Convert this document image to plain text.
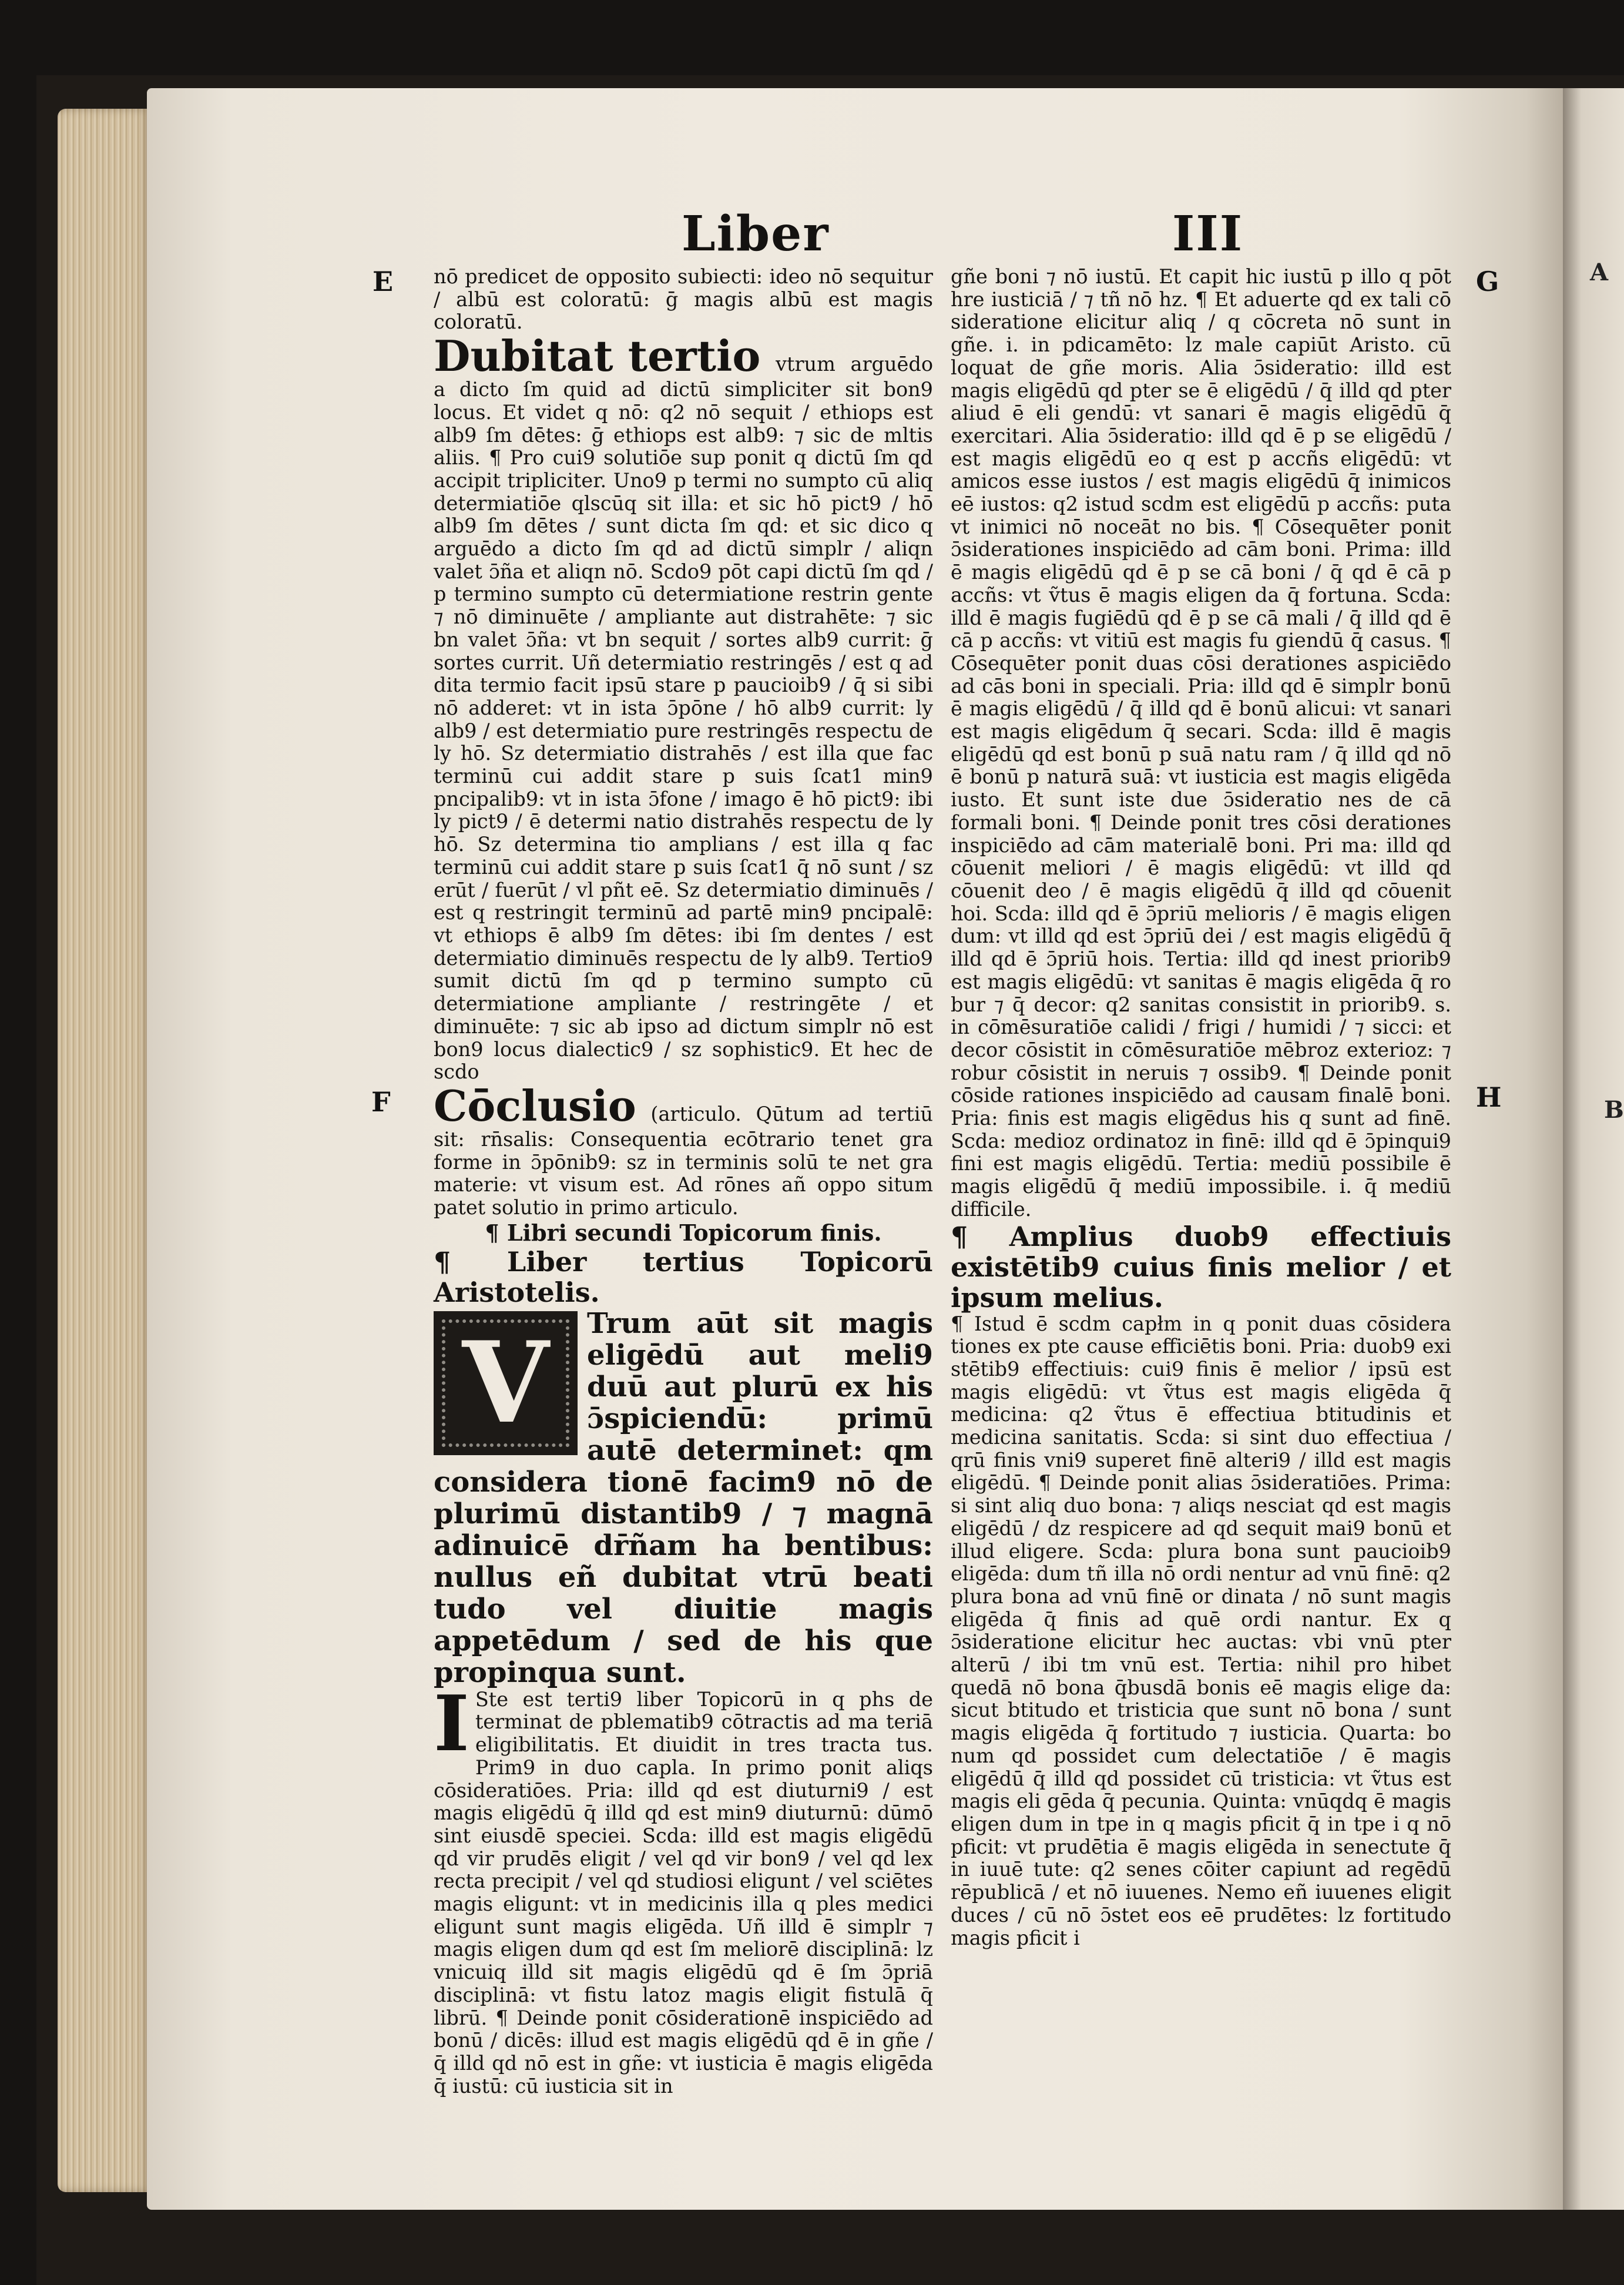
A
B
Liber	III
E
F
G
H

nō predicet de opposito subiecti: ideo nō sequitur / albū est coloratū: ḡ magis albū est magis coloratū.

Dubitat tertio vtrum arguēdo a dicto ſm quid ad dictū simpliciter sit bon9 locus. Et videt q nō: q2 nō sequit / ethiops est alb9 ſm dētes: ḡ ethiops est alb9: ⁊ sic de mltis aliis. ¶ Pro cui9 solutiōe sup ponit q dictū ſm qd accipit tripliciter. Uno9 p termi no sumpto cū aliq determiatiōe qlscūq sit illa: et sic hō pict9 / hō alb9 ſm dētes / sunt dicta ſm qd: et sic dico q arguēdo a dicto ſm qd ad dictū simplr / aliqn valet ɔ̄ña et aliqn nō. Scdo9 pōt capi dictū ſm qd / p termino sumpto cū determiatione restrin gente ⁊ nō diminuēte / ampliante aut distrahēte: ⁊ sic bn valet ɔ̄ña: vt bn sequit / sortes alb9 currit: ḡ sortes currit. Uñ determiatio restringēs / est q ad dita termio facit ipsū stare p paucioib9 / q̄ si sibi nō adderet: vt in ista ɔ̄pōne / hō alb9 currit: ly alb9 / est determiatio pure restringēs respectu de ly hō. Sz determiatio distrahēs / est illa que fac terminū cui addit stare p suis ſcat1 min9 pncipalib9: vt in ista ɔ̄fone / imago ē hō pict9: ibi ly pict9 / ē determi natio distrahēs respectu de ly hō. Sz determina tio amplians / est illa q fac terminū cui addit stare p suis ſcat1 q̄ nō sunt / sz erūt / fuerūt / vl pñt eē. Sz determiatio diminuēs / est q restringit terminū ad partē min9 pncipalē: vt ethiops ē alb9 ſm dētes: ibi ſm dentes / est determiatio diminuēs respectu de ly alb9. Tertio9 sumit dictū ſm qd p termino sumpto cū determiatione ampliante / restringēte / et diminuēte: ⁊ sic ab ipso ad dictum simplr nō est bon9 locus dialectic9 / sz sophistic9. Et hec de scdo

Cōclusio (articulo. Qūtum ad tertiū sit: rn̄salis: Consequentia ecōtrario tenet gra forme in ɔ̄pōnib9: sz in terminis solū te net gra materie: vt visum est. Ad rōnes añ oppo situm patet solutio in primo articulo.

¶ Libri secundi Topicorum finis.

¶ Liber tertius Topicorū Aristotelis.

V	Trum aūt sit magis eligēdū aut meli9 duū aut plurū ex his ɔ̄spiciendū: primū autē determinet: qm considera tionē facim9 nō de plurimū distantib9 / ⁊ magnā adinuicē dr̄ñam ha bentibus: nullus eñ dubitat vtrū beati tudo vel diuitie magis appetēdum / sed de his que propinqua sunt.

I Ste est terti9 liber Topicorū in q phs de terminat de pblematib9 cōtractis ad ma teriā eligibilitatis. Et diuidit in tres tracta tus. Prim9 in duo capla. In primo ponit aliqs cōsideratiōes. Pria: illd qd est diuturni9 / est magis eligēdū q̄ illd qd est min9 diuturnū: dūmō sint eiusdē speciei. Scda: illd est magis eligēdū qd vir prudēs eligit / vel qd vir bon9 / vel qd lex recta precipit / vel qd studiosi eligunt / vel sciētes magis eligunt: vt in medicinis illa q ples medici eligunt sunt magis eligēda. Uñ illd ē simplr ⁊ magis eligen dum qd est ſm meliorē disciplinā: lz vnicuiq illd sit magis eligēdū qd ē ſm ɔ̄priā disciplinā: vt fistu latoz magis eligit fistulā q̄ librū. ¶ Deinde ponit cōsiderationē inspiciēdo ad bonū / dicēs: illud est magis eligēdū qd ē in gñe / q̄ illd qd nō est in gñe: vt iusticia ē magis eligēda q̄ iustū: cū iusticia sit in

gñe boni ⁊ nō iustū. Et capit hic iustū p illo q pōt hre iusticiā / ⁊ tñ nō hz. ¶ Et aduerte qd ex tali cō sideratione elicitur aliq / q cōcreta nō sunt in gñe. i. in pdicamēto: lz male capiūt Aristo. cū loquat de gñe moris. Alia ɔ̄sideratio: illd est magis eligēdū qd pter se ē eligēdū / q̄ illd qd pter aliud ē eli gendū: vt sanari ē magis eligēdū q̄ exercitari. Alia ɔ̄sideratio: illd qd ē p se eligēdū / est magis eligēdū eo q est p accñs eligēdū: vt amicos esse iustos / est magis eligēdū q̄ inimicos eē iustos: q2 istud scdm est eligēdū p accñs: puta vt inimici nō noceāt no bis. ¶ Cōsequēter ponit ɔ̄siderationes inspiciēdo ad cām boni. Prima: illd ē magis eligēdū qd ē p se cā boni / q̄ qd ē cā p accñs: vt ṽtus ē magis eligen da q̄ fortuna. Scda: illd ē magis fugiēdū qd ē p se cā mali / q̄ illd qd ē cā p accñs: vt vitiū est magis fu giendū q̄ casus. ¶ Cōsequēter ponit duas cōsi derationes aspiciēdo ad cās boni in speciali. Pria: illd qd ē simplr bonū ē magis eligēdū / q̄ illd qd ē bonū alicui: vt sanari est magis eligēdum q̄ secari. Scda: illd ē magis eligēdū qd est bonū p suā natu ram / q̄ illd qd nō ē bonū p naturā suā: vt iusticia est magis eligēda iusto. Et sunt iste due ɔ̄sideratio nes de cā formali boni. ¶ Deinde ponit tres cōsi derationes inspiciēdo ad cām materialē boni. Pri ma: illd qd cōuenit meliori / ē magis eligēdū: vt illd qd cōuenit deo / ē magis eligēdū q̄ illd qd cōuenit hoi. Scda: illd qd ē ɔ̄priū melioris / ē magis eligen dum: vt illd qd est ɔ̄priū dei / est magis eligēdū q̄ illd qd ē ɔ̄priū hois. Tertia: illd qd inest priorib9 est magis eligēdū: vt sanitas ē magis eligēda q̄ ro bur ⁊ q̄ decor: q2 sanitas consistit in priorib9. s. in cōmēsuratiōe calidi / frigi / humidi / ⁊ sicci: et decor cōsistit in cōmēsuratiōe mēbroz exterioz: ⁊ robur cōsistit in neruis ⁊ ossib9. ¶ Deinde ponit cōside rationes inspiciēdo ad causam finalē boni. Pria: finis est magis eligēdus his q sunt ad finē. Scda: medioz ordinatoz in finē: illd qd ē ɔ̄pinqui9 fini est magis eligēdū. Tertia: mediū possibile ē magis eligēdū q̄ mediū impossibile. i. q̄ mediū difficile.

¶ Amplius duob9 effectiuis existētib9 cuius finis melior / et ipsum melius.

¶ Istud ē scdm capłm in q ponit duas cōsidera tiones ex pte cause efficiētis boni. Pria: duob9 exi stētib9 effectiuis: cui9 finis ē melior / ipsū est magis eligēdū: vt ṽtus est magis eligēda q̄ medicina: q2 ṽtus ē effectiua btitudinis et medicina sanitatis. Scda: si sint duo effectiua / qrū finis vni9 superet finē alteri9 / illd est magis eligēdū. ¶ Deinde ponit alias ɔ̄sideratiōes. Prima: si sint aliq duo bona: ⁊ aliqs nesciat qd est magis eligēdū / dz respicere ad qd sequit mai9 bonū et illud eligere. Scda: plura bona sunt paucioib9 eligēda: dum tñ illa nō ordi nentur ad vnū finē: q2 plura bona ad vnū finē or dinata / nō sunt magis eligēda q̄ finis ad quē ordi nantur. Ex q ɔ̄sideratione elicitur hec auctas: vbi vnū pter alterū / ibi tm vnū est. Tertia: nihil pro hibet quedā nō bona q̄busdā bonis eē magis elige da: sicut btitudo et tristicia que sunt nō bona / sunt magis eligēda q̄ fortitudo ⁊ iusticia. Quarta: bo num qd possidet cum delectatiōe / ē magis eligēdū q̄ illd qd possidet cū tristicia: vt ṽtus est magis eli gēda q̄ pecunia. Quinta: vnūqdq ē magis eligen dum in tpe in q magis pficit q̄ in tpe i q nō pficit: vt prudētia ē magis eligēda in senectute q̄ in iuuē tute: q2 senes cōiter capiunt ad regēdū rēpublicā / et nō iuuenes. Nemo eñ iuuenes eligit duces / cū nō ɔ̄stet eos eē prudētes: lz fortitudo magis pficit i
